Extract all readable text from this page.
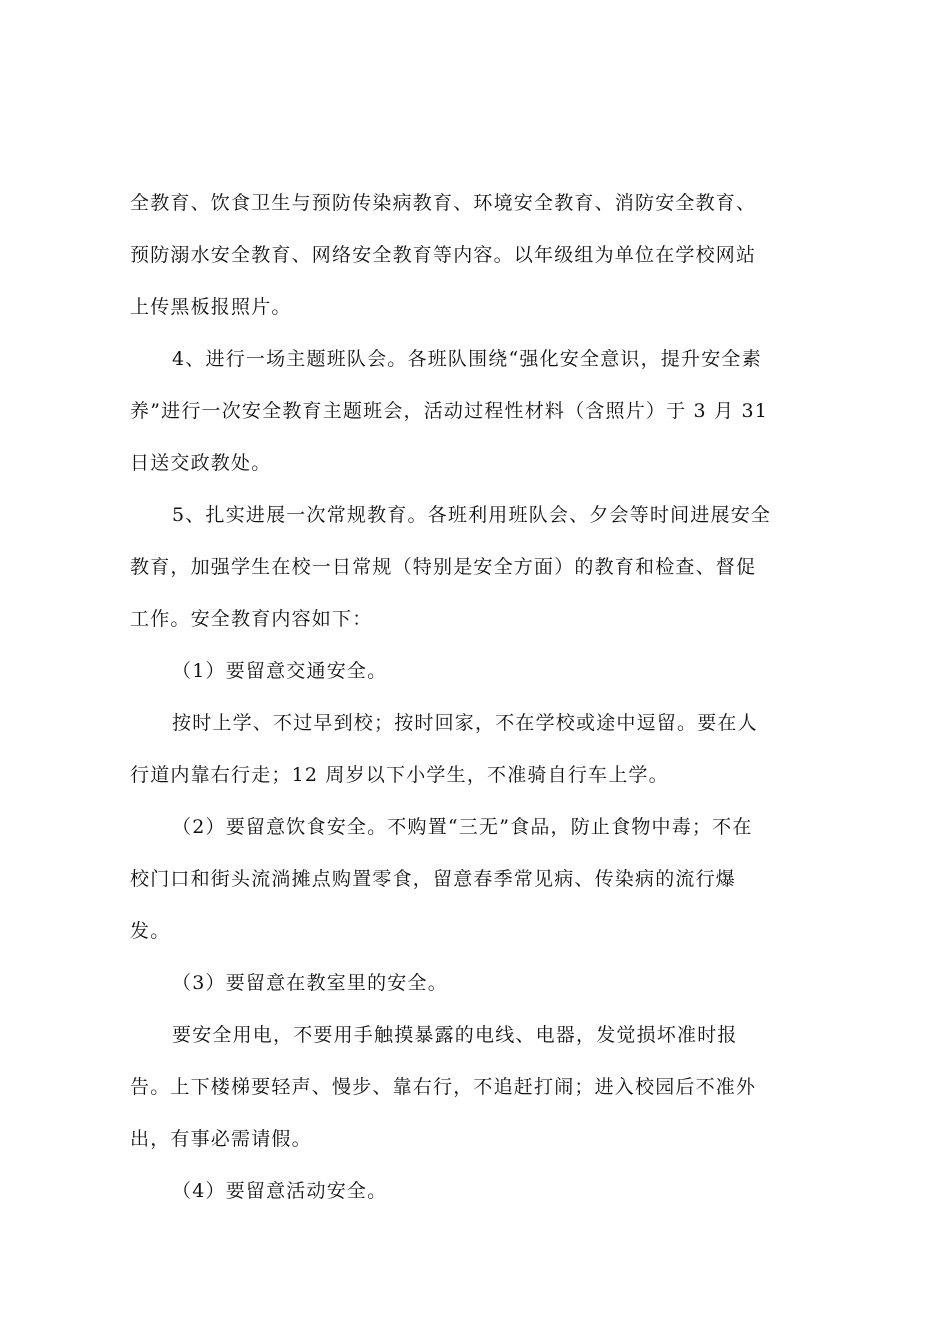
全教育、饮食卫生与预防传染病教育、环境安全教育、消防安全教育、
预防溺水安全教育、网络安全教育等内容。以年级组为单位在学校网站
上传黑板报照片。
4、进行一场主题班队会。各班队围绕“强化安全意识，提升安全素
养”进行一次安全教育主题班会，活动过程性材料（含照片）于 3 月 31
日送交政教处。
5、扎实进展一次常规教育。各班利用班队会、夕会等时间进展安全
教育，加强学生在校一日常规（特别是安全方面）的教育和检查、督促
工作。安全教育内容如下：
（1）要留意交通安全。
按时上学、不过早到校；按时回家，不在学校或途中逗留。要在人
行道内靠右行走；12 周岁以下小学生，不准骑自行车上学。
（2）要留意饮食安全。不购置“三无”食品，防止食物中毒；不在
校门口和街头流淌摊点购置零食，留意春季常见病、传染病的流行爆
发。
（3）要留意在教室里的安全。
要安全用电，不要用手触摸暴露的电线、电器，发觉损坏准时报
告。上下楼梯要轻声、慢步、靠右行，不追赶打闹；进入校园后不准外
出，有事必需请假。
（4）要留意活动安全。
